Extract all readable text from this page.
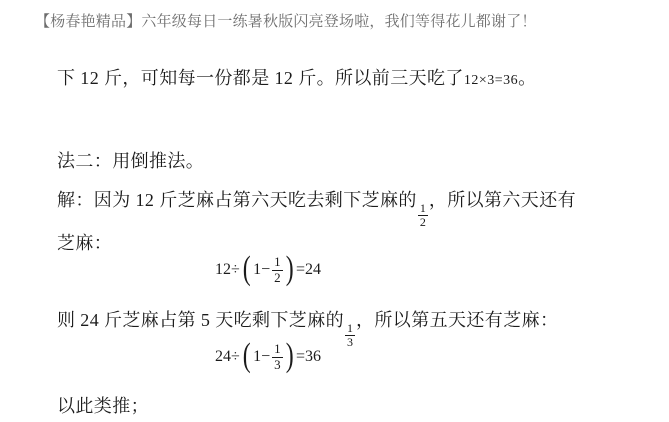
【杨春艳精品】六年级每日一练暑秋版闪亮登场啦，我们等得花儿都谢了！
下 12 斤，可知每一份都是 12 斤。所以前三天吃了12×3=36。
法二：用倒推法。
解：因为 12 斤芝麻占第六天吃去剩下芝麻的
$\frac{1}{2}$
，所以第六天还有
芝麻：
12÷ ( $1- \frac{1}{2}$ ) =24
则 24 斤芝麻占第 5 天吃剩下芝麻的
$\frac{1}{3}$
，所以第五天还有芝麻：
24÷ ( $1- \frac{1}{3}$ ) =36
以此类推；
